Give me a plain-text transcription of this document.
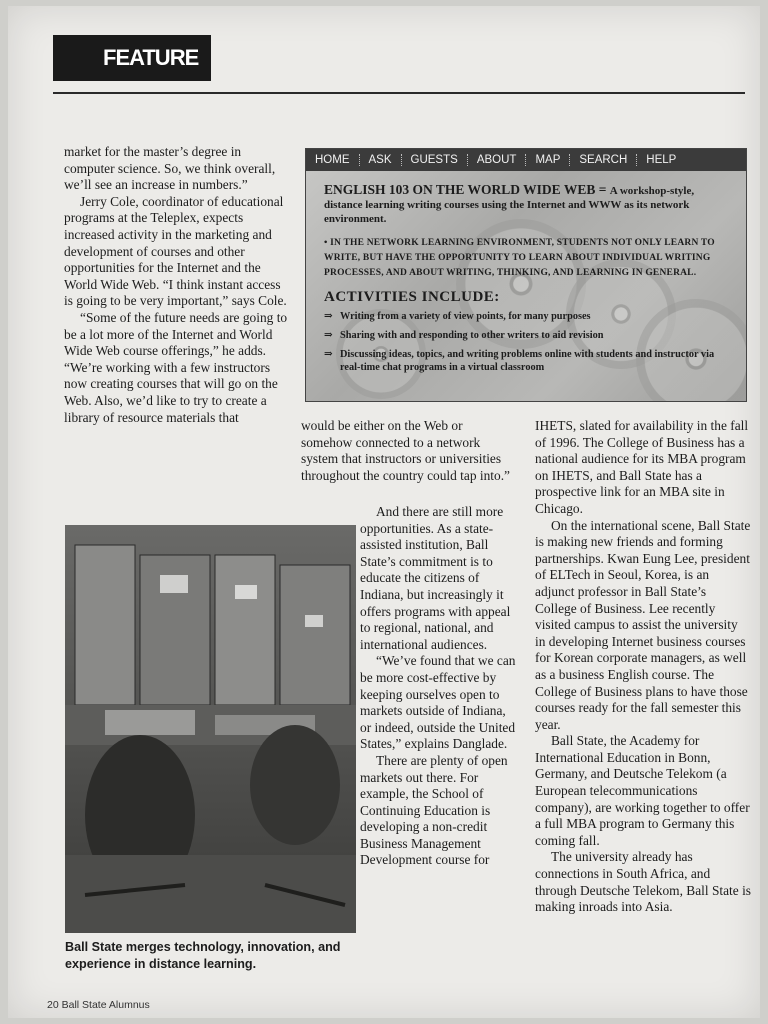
FEATURE

market for the master’s degree in computer science. So, we think overall, we’ll see an increase in numbers.”

Jerry Cole, coordinator of educational programs at the Teleplex, expects increased activity in the marketing and development of courses and other opportunities for the Internet and the World Wide Web. “I think instant access is going to be very important,” says Cole.

“Some of the future needs are going to be a lot more of the Internet and World Wide Web course offerings,” he adds. “We’re working with a few instructors now creating courses that will go on the Web. Also, we’d like to try to create a library of resource materials that

HOME	ASK	GUESTS	ABOUT	MAP	SEARCH	HELP
ENGLISH 103 ON THE WORLD WIDE WEB = A workshop-style, distance learning writing courses using the Internet and WWW as its network environment.
• IN THE NETWORK LEARNING ENVIRONMENT, STUDENTS NOT ONLY LEARN TO WRITE, BUT HAVE THE OPPORTUNITY TO LEARN ABOUT INDIVIDUAL WRITING PROCESSES, AND ABOUT WRITING, THINKING, AND LEARNING IN GENERAL.
ACTIVITIES INCLUDE:
⇒ Writing from a variety of view points, for many purposes
⇒ Sharing with and responding to other writers to aid revision
⇒ Discussing ideas, topics, and writing problems online with students and instructor via real-time chat programs in a virtual classroom
Ball State merges technology, innovation, and experience in distance learning.

would be either on the Web or somehow connected to a network system that instructors or universities throughout the country could tap into.”

And there are still more opportunities. As a state-assisted institution, Ball State’s commitment is to educate the citizens of Indiana, but increasingly it offers programs with appeal to regional, national, and international audiences.

“We’ve found that we can be more cost-effective by keeping ourselves open to markets outside of Indiana, or indeed, outside the United States,” explains Danglade.

There are plenty of open markets out there. For example, the School of Continuing Education is developing a non-credit Business Management Development course for

IHETS, slated for availability in the fall of 1996. The College of Business has a national audience for its MBA program on IHETS, and Ball State has a prospective link for an MBA site in Chicago.

On the international scene, Ball State is making new friends and forming partnerships. Kwan Eung Lee, president of ELTech in Seoul, Korea, is an adjunct professor in Ball State’s College of Business. Lee recently visited campus to assist the university in developing Internet business courses for Korean corporate managers, as well as a business English course. The College of Business plans to have those courses ready for the fall semester this year.

Ball State, the Academy for International Education in Bonn, Germany, and Deutsche Telekom (a European telecommunications company), are working together to offer a full MBA program to Germany this coming fall.

The university already has connections in South Africa, and through Deutsche Telekom, Ball State is making inroads into Asia.

20 Ball State Alumnus
